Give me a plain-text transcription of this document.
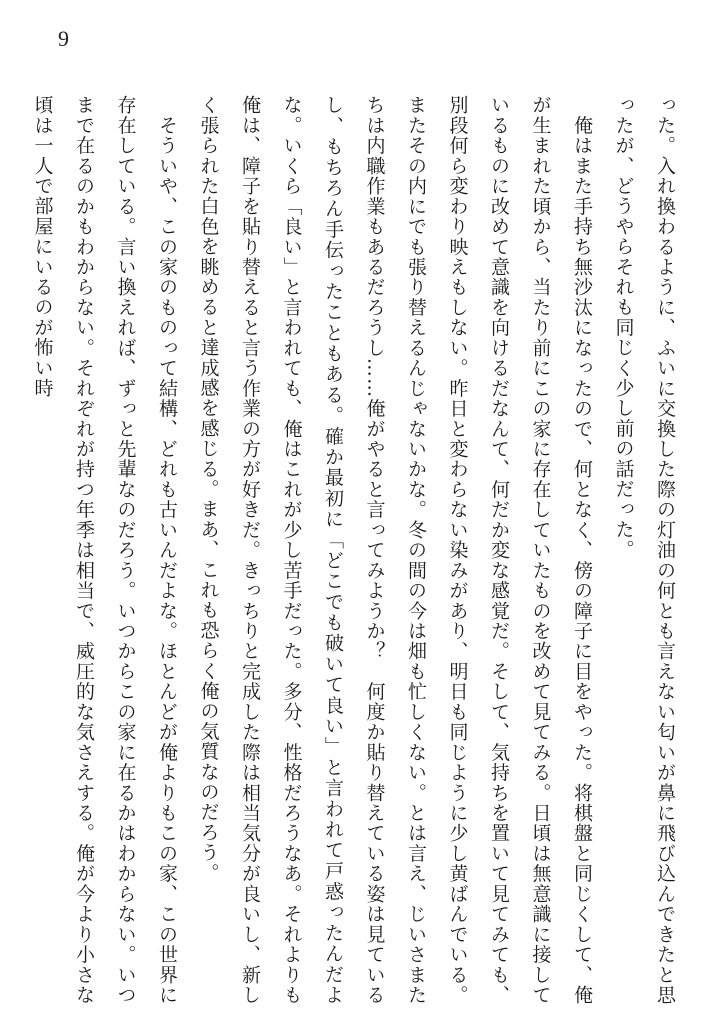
9

った。入れ換わるように、ふいに交換した際の灯油の何とも言えない匂いが鼻に飛び込んできたと思ったが、どうやらそれも同じく少し前の話だった。

　俺はまた手持ち無沙汰になったので、何となく、傍の障子に目をやった。将棋盤と同じくして、俺が生まれた頃から、当たり前にこの家に存在していたものを改めて見てみる。日頃は無意識に接しているものに改めて意識を向けるだなんて、何だか変な感覚だ。そして、気持ちを置いて見てみても、別段何ら変わり映えもしない。昨日と変わらない染みがあり、明日も同じように少し黄ばんでいる。またその内にでも張り替えるんじゃないかな。冬の間の今は畑も忙しくない。とは言え、じいさまたちは内職作業もあるだろうし……俺がやると言ってみようか？　何度か貼り替えている姿は見ているし、もちろん手伝ったこともある。確か最初に「どこでも破いて良い」と言われて戸惑ったんだよな。いくら「良い」と言われても、俺はこれが少し苦手だった。多分、性格だろうなあ。それよりも俺は、障子を貼り替えると言う作業の方が好きだ。きっちりと完成した際は相当気分が良いし、新しく張られた白色を眺めると達成感を感じる。まあ、これも恐らく俺の気質なのだろう。

　そういや、この家のものって結構、どれも古いんだよな。ほとんどが俺よりもこの家、この世界に存在している。言い換えれば、ずっと先輩なのだろう。いつからこの家に在るかはわからない。いつまで在るのかもわからない。それぞれが持つ年季は相当で、威圧的な気さえする。俺が今より小さな頃は一人で部屋にいるのが怖い時
